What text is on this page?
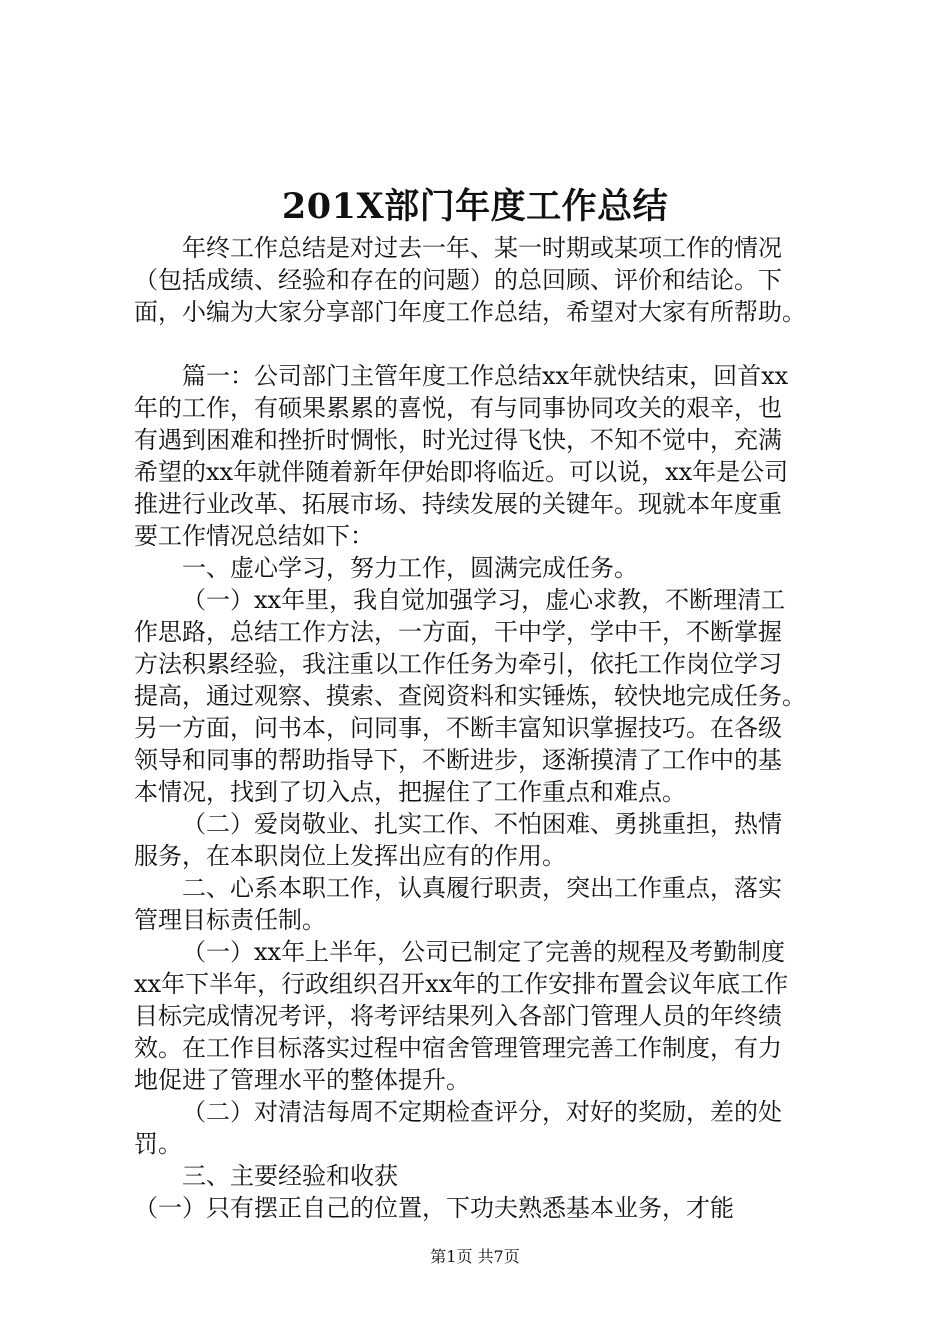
201X部门年度工作总结
年终工作总结是对过去一年、某一时期或某项工作的情况
（包括成绩、经验和存在的问题）的总回顾、评价和结论。下
面，小编为大家分享部门年度工作总结，希望对大家有所帮助。
篇一：公司部门主管年度工作总结xx年就快结束，回首xx
年的工作，有硕果累累的喜悦，有与同事协同攻关的艰辛，也
有遇到困难和挫折时惆怅，时光过得飞快，不知不觉中，充满
希望的xx年就伴随着新年伊始即将临近。可以说，xx年是公司
推进行业改革、拓展市场、持续发展的关键年。现就本年度重
要工作情况总结如下：
一、虚心学习，努力工作，圆满完成任务。
（一）xx年里，我自觉加强学习，虚心求教，不断理清工
作思路，总结工作方法，一方面，干中学，学中干，不断掌握
方法积累经验，我注重以工作任务为牵引，依托工作岗位学习
提高，通过观察、摸索、查阅资料和实锤炼，较快地完成任务。
另一方面，问书本，问同事，不断丰富知识掌握技巧。在各级
领导和同事的帮助指导下，不断进步，逐渐摸清了工作中的基
本情况，找到了切入点，把握住了工作重点和难点。
（二）爱岗敬业、扎实工作、不怕困难、勇挑重担，热情
服务，在本职岗位上发挥出应有的作用。
二、心系本职工作，认真履行职责，突出工作重点，落实
管理目标责任制。
（一）xx年上半年，公司已制定了完善的规程及考勤制度
xx年下半年，行政组织召开xx年的工作安排布置会议年底工作
目标完成情况考评，将考评结果列入各部门管理人员的年终绩
效。在工作目标落实过程中宿舍管理管理完善工作制度，有力
地促进了管理水平的整体提升。
（二）对清洁每周不定期检查评分，对好的奖励，差的处
罚。
三、主要经验和收获
（一）只有摆正自己的位置，下功夫熟悉基本业务，才能
第1页 共7页
